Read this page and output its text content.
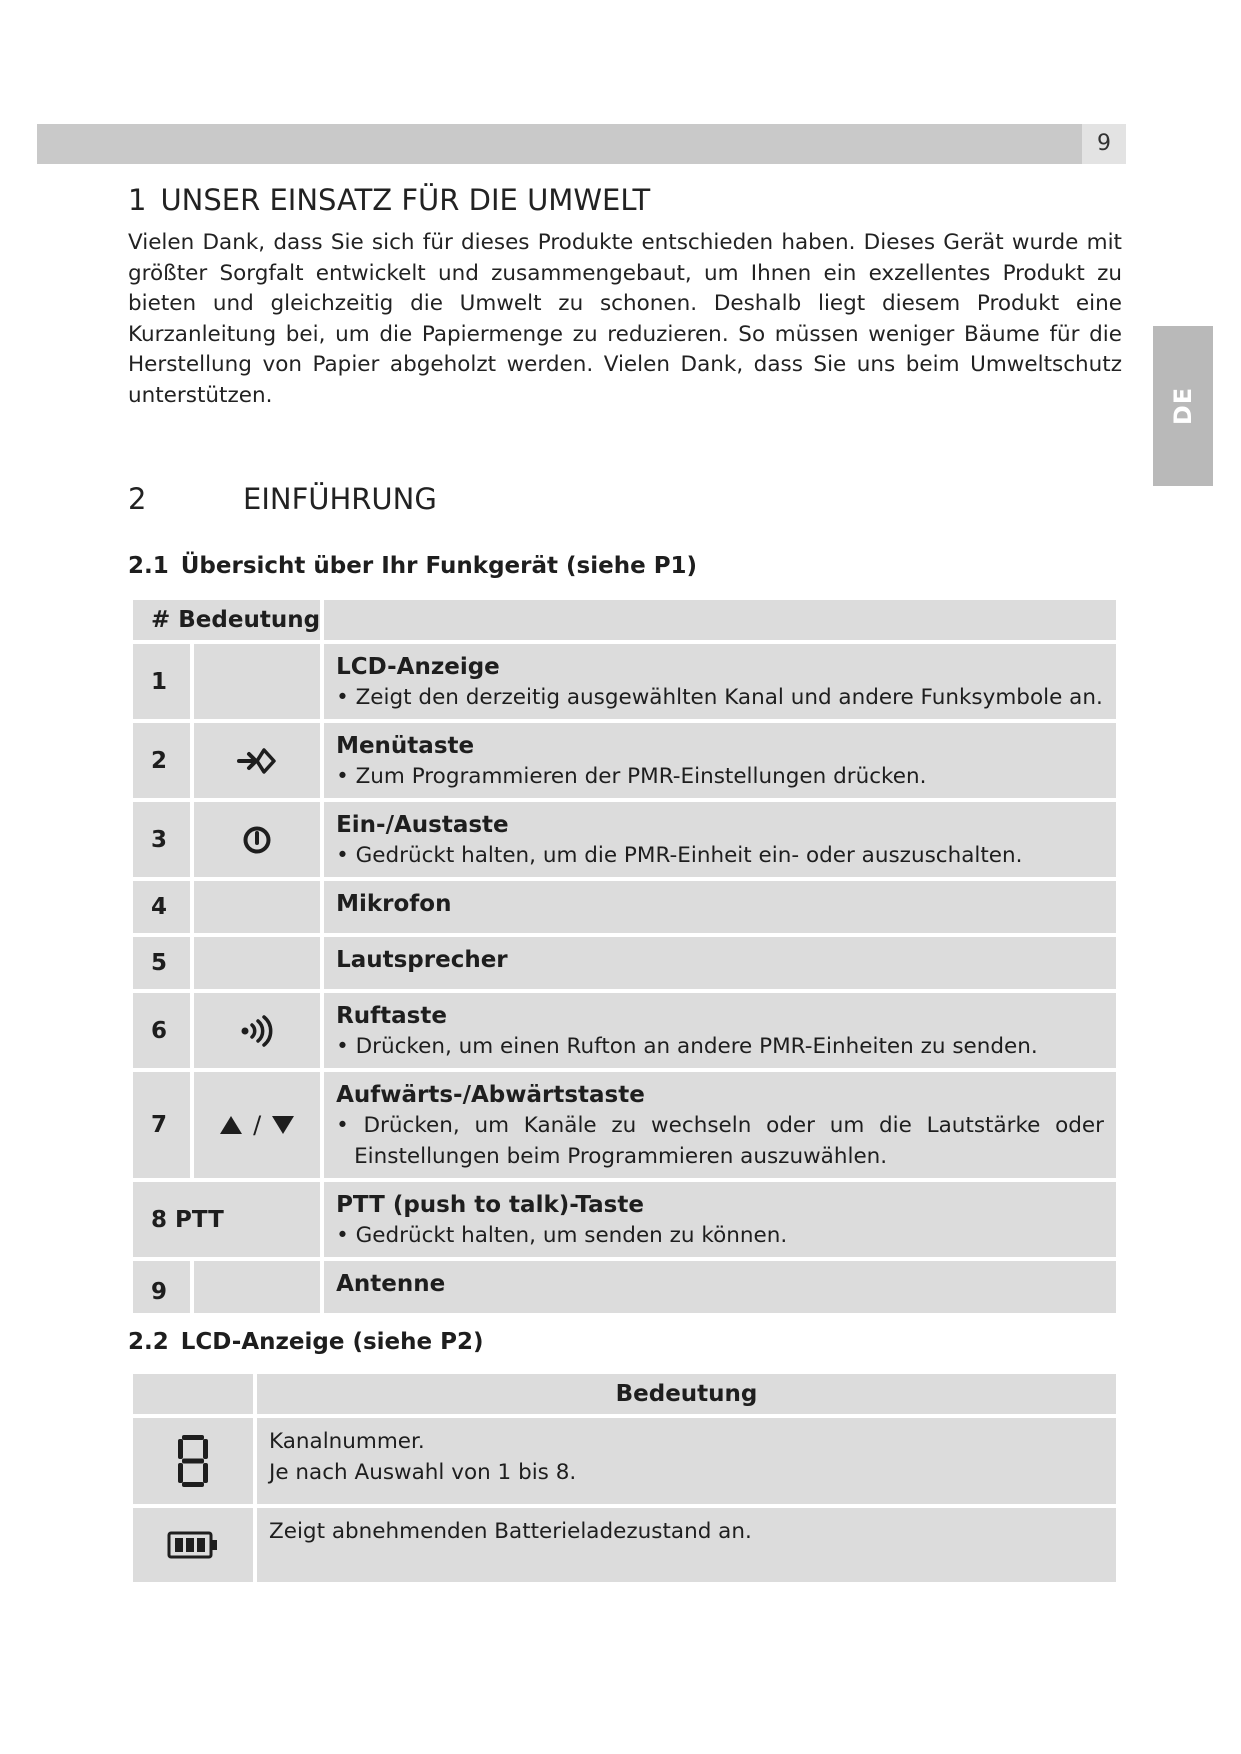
9
DE
1 UNSER EINSATZ FÜR DIE UMWELT

Vielen Dank, dass Sie sich für dieses Produkte entschieden haben. Dieses Gerät wurde mit größter Sorgfalt entwickelt und zusammengebaut, um Ihnen ein exzellentes Produkt zu bieten und gleichzeitig die Umwelt zu schonen. Deshalb liegt diesem Produkt eine Kurzanleitung bei, um die Papiermenge zu reduzieren. So müssen weniger Bäume für die Herstellung von Papier abgeholzt werden. Vielen Dank, dass Sie uns beim Umweltschutz unterstützen.

2	EINFÜHRUNG
2.1 Übersicht über Ihr Funkgerät (siehe P1)
# Bedeutung		

1		LCD-Anzeige
• Zeigt den derzeitig ausgewählten Kanal und andere Funksymbole an.

2		Menütaste
• Zum Programmieren der PMR-Einstellungen drücken.

3		Ein-/Austaste
• Gedrückt halten, um die PMR-Einheit ein- oder auszuschalten.

4		Mikrofon

5		Lautsprecher

6		Ruftaste
• Drücken, um einen Rufton an andere PMR-Einheiten zu senden.

7	/	Aufwärts-/Abwärtstaste
• Drücken, um Kanäle zu wechseln oder um die Lautstärke oder Einstellungen beim Programmieren auszuwählen.

8 PTT		PTT (push to talk)-Taste
• Gedrückt halten, um senden zu können.

9		Antenne
2.2 LCD-Anzeige (siehe P2)
	Bedeutung

Kanalnummer.
Je nach Auswahl von 1 bis 8.

Zeigt abnehmenden Batterieladezustand an.
